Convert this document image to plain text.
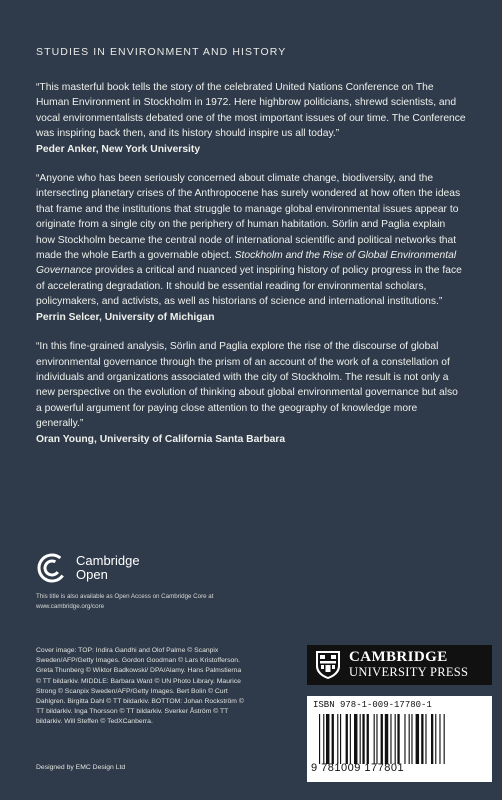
STUDIES IN ENVIRONMENT AND HISTORY

“This masterful book tells the story of the celebrated United Nations Conference on The Human Environment in Stockholm in 1972. Here highbrow politicians, shrewd scientists, and vocal environmentalists debated one of the most important issues of our time. The Conference was inspiring back then, and its history should inspire us all today.”

Peder Anker, New York University

“Anyone who has been seriously concerned about climate change, biodiversity, and the intersecting planetary crises of the Anthropocene has surely wondered at how often the ideas that frame and the institutions that struggle to manage global environmental issues appear to originate from a single city on the periphery of human habitation. Sörlin and Paglia explain how Stockholm became the central node of international scientific and political networks that made the whole Earth a governable object. Stockholm and the Rise of Global Environmental Governance provides a critical and nuanced yet inspiring history of policy progress in the face of accelerating degradation. It should be essential reading for environmental scholars, policymakers, and activists, as well as historians of science and international institutions.”

Perrin Selcer, University of Michigan

“In this fine-grained analysis, Sörlin and Paglia explore the rise of the discourse of global environmental governance through the prism of an account of the work of a constellation of individuals and organizations associated with the city of Stockholm. The result is not only a new perspective on the evolution of thinking about global environmental governance but also a powerful argument for paying close attention to the geography of knowledge more generally.”

Oran Young, University of California Santa Barbara

Cambridge
Open
This title is also available as Open Access on Cambridge Core at www.cambridge.org/core
Cover image: TOP: Indira Gandhi and Olof Palme © Scanpix Sweden/AFP/Getty Images. Gordon Goodman © Lars Kristofferson. Greta Thunberg © Wiktor Badkowski/ DPA/Alamy. Hans Palmstierna © TT bildarkiv. MIDDLE: Barbara Ward © UN Photo Library. Maurice Strong © Scanpix Sweden/AFP/Getty Images. Bert Bolin © Curt Dahlgren. Birgitta Dahl © TT bildarkiv. BOTTOM: Johan Rockström © TT bildarkiv. Inga Thorsson © TT bildarkiv. Sverker Åström © TT bildarkiv. Will Steffen © TedXCanberra.
Designed by EMC Design Ltd
CAMBRIDGE
UNIVERSITY PRESS
ISBN 978-1-009-17780-1
9 781009 177801
